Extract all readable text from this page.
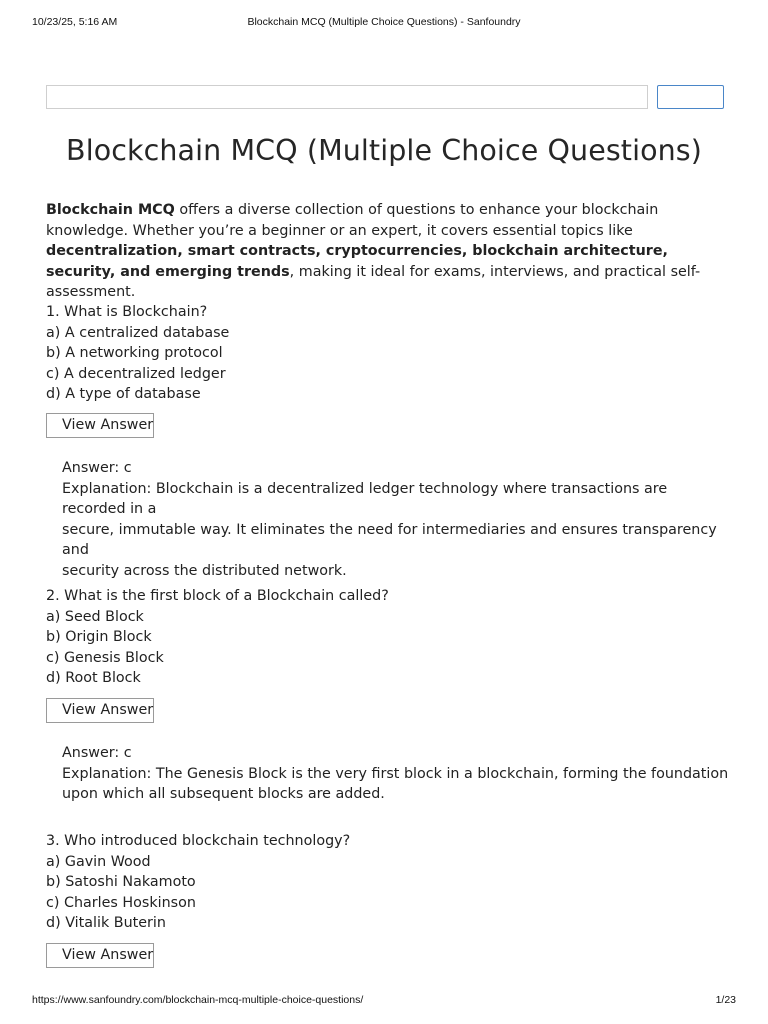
10/23/25, 5:16 AM	Blockchain MCQ (Multiple Choice Questions) - Sanfoundry
Blockchain MCQ (Multiple Choice Questions)

Blockchain MCQ offers a diverse collection of questions to enhance your blockchain knowledge. Whether you’re a beginner or an expert, it covers essential topics like decentralization, smart contracts, cryptocurrencies, blockchain architecture, security, and emerging trends, making it ideal for exams, interviews, and practical self-assessment.

1. What is Blockchain?

a) A centralized database

b) A networking protocol

c) A decentralized ledger

d) A type of database

View Answer

Answer: c

Explanation: Blockchain is a decentralized ledger technology where transactions are recorded in a

secure, immutable way. It eliminates the need for intermediaries and ensures transparency and

security across the distributed network.

2. What is the first block of a Blockchain called?

a) Seed Block

b) Origin Block

c) Genesis Block

d) Root Block

View Answer

Answer: c

Explanation: The Genesis Block is the very first block in a blockchain, forming the foundation

upon which all subsequent blocks are added.

3. Who introduced blockchain technology?

a) Gavin Wood

b) Satoshi Nakamoto

c) Charles Hoskinson

d) Vitalik Buterin

View Answer
https://www.sanfoundry.com/blockchain-mcq-multiple-choice-questions/	1/23
